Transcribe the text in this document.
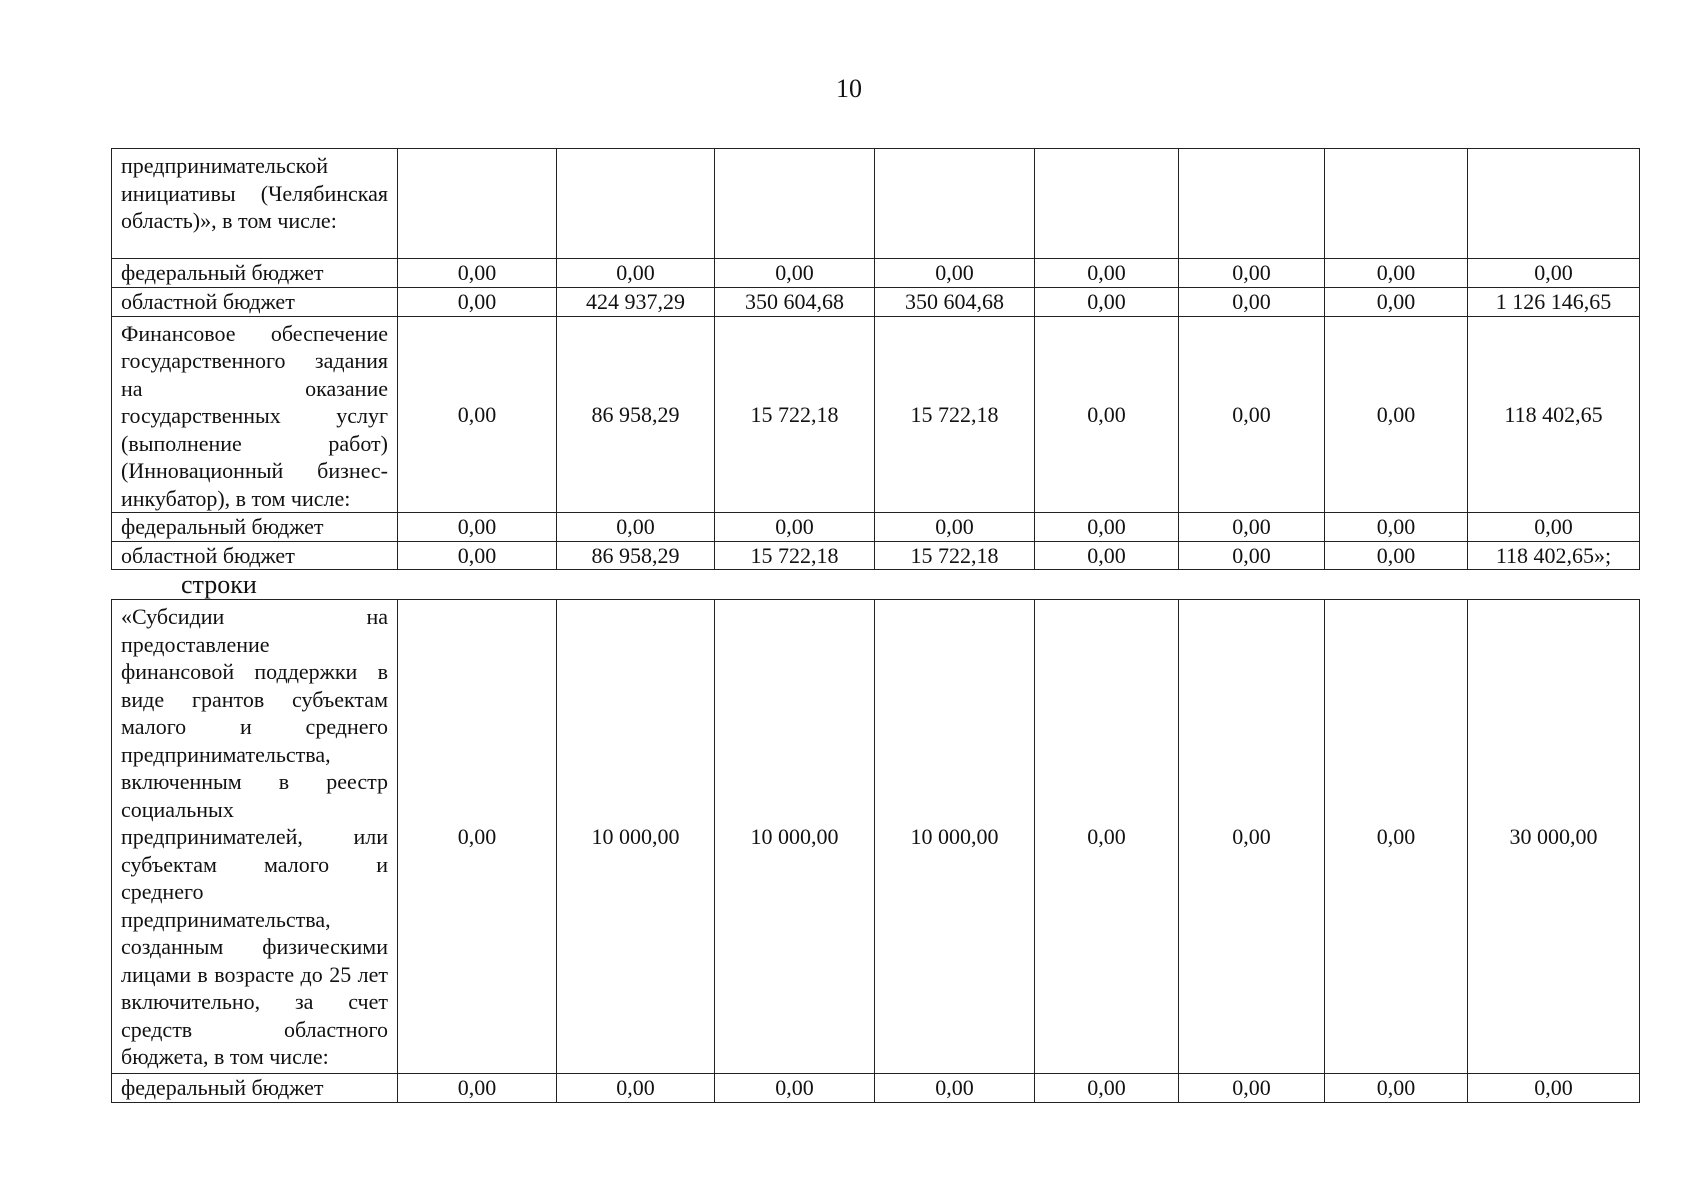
10
предпринимательской инициативы (Челябинская область)», в том числе:								
федеральный бюджет	0,00	0,00	0,00	0,00	0,00	0,00	0,00	0,00
областной бюджет	0,00	424 937,29	350 604,68	350 604,68	0,00	0,00	0,00	1 126 146,65
Финансовое обеспечение государственного задания на оказание государственных услуг (выполнение работ) (Инновационный бизнес-инкубатор), в том числе:	0,00	86 958,29	15 722,18	15 722,18	0,00	0,00	0,00	118 402,65
федеральный бюджет	0,00	0,00	0,00	0,00	0,00	0,00	0,00	0,00
областной бюджет	0,00	86 958,29	15 722,18	15 722,18	0,00	0,00	0,00	118 402,65»;
строки
«Субсидии на предоставление финансовой поддержки в виде грантов субъектам малого и среднего предпринимательства, включенным в реестр социальных предпринимателей, или субъектам малого и среднего предпринимательства, созданным физическими лицами в возрасте до 25 лет включительно, за счет средств областного бюджета, в том числе:	0,00	10 000,00	10 000,00	10 000,00	0,00	0,00	0,00	30 000,00
федеральный бюджет	0,00	0,00	0,00	0,00	0,00	0,00	0,00	0,00
